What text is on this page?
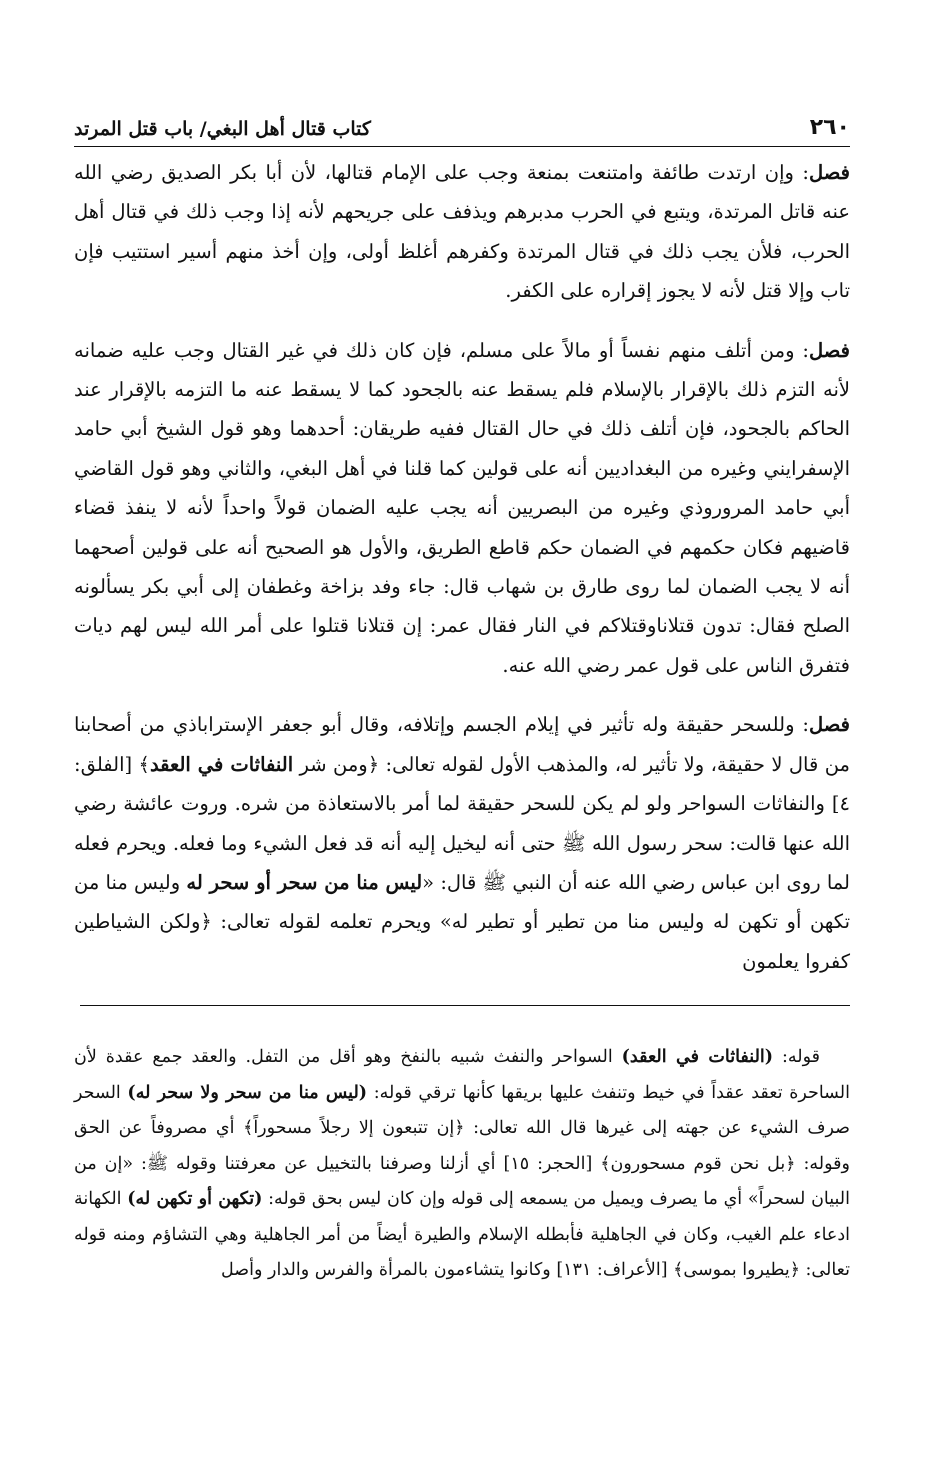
٢٦٠
كتاب قتال أهل البغي/ باب قتل المرتد

فصل: وإن ارتدت طائفة وامتنعت بمنعة وجب على الإمام قتالها، لأن أبا بكر الصديق رضي الله عنه قاتل المرتدة، ويتبع في الحرب مدبرهم ويذفف على جريحهم لأنه إذا وجب ذلك في قتال أهل الحرب، فلأن يجب ذلك في قتال المرتدة وكفرهم أغلظ أولى، وإن أخذ منهم أسير استتيب فإن تاب وإلا قتل لأنه لا يجوز إقراره على الكفر.

فصل: ومن أتلف منهم نفساً أو مالاً على مسلم، فإن كان ذلك في غير القتال وجب عليه ضمانه لأنه التزم ذلك بالإقرار بالإسلام فلم يسقط عنه بالجحود كما لا يسقط عنه ما التزمه بالإقرار عند الحاكم بالجحود، فإن أتلف ذلك في حال القتال ففيه طريقان: أحدهما وهو قول الشيخ أبي حامد الإسفرايني وغيره من البغداديين أنه على قولين كما قلنا في أهل البغي، والثاني وهو قول القاضي أبي حامد المروروذي وغيره من البصريين أنه يجب عليه الضمان قولاً واحداً لأنه لا ينفذ قضاء قاضيهم فكان حكمهم في الضمان حكم قاطع الطريق، والأول هو الصحيح أنه على قولين أصحهما أنه لا يجب الضمان لما روى طارق بن شهاب قال: جاء وفد بزاخة وغطفان إلى أبي بكر يسألونه الصلح فقال: تدون قتلاناوقتلاكم في النار فقال عمر: إن قتلانا قتلوا على أمر الله ليس لهم ديات فتفرق الناس على قول عمر رضي الله عنه.

فصل: وللسحر حقيقة وله تأثير في إيلام الجسم وإتلافه، وقال أبو جعفر الإستراباذي من أصحابنا من قال لا حقيقة، ولا تأثير له، والمذهب الأول لقوله تعالى: ﴿ومن شر النفاثات في العقد﴾ [الفلق: ٤] والنفاثات السواحر ولو لم يكن للسحر حقيقة لما أمر بالاستعاذة من شره. وروت عائشة رضي الله عنها قالت: سحر رسول الله ﷺ حتى أنه ليخيل إليه أنه قد فعل الشيء وما فعله. ويحرم فعله لما روى ابن عباس رضي الله عنه أن النبي ﷺ قال: «ليس منا من سحر أو سحر له وليس منا من تكهن أو تكهن له وليس منا من تطير أو تطير له» ويحرم تعلمه لقوله تعالى: ﴿ولكن الشياطين كفروا يعلمون

قوله: (النفاثات في العقد) السواحر والنفث شبيه بالنفخ وهو أقل من التفل. والعقد جمع عقدة لأن الساحرة تعقد عقداً في خيط وتنفث عليها بريقها كأنها ترقي قوله: (ليس منا من سحر ولا سحر له) السحر صرف الشيء عن جهته إلى غيرها قال الله تعالى: ﴿إن تتبعون إلا رجلاً مسحوراً﴾ أي مصروفاً عن الحق وقوله: ﴿بل نحن قوم مسحورون﴾ [الحجر: ١٥] أي أزلنا وصرفنا بالتخييل عن معرفتنا وقوله ﷺ: «إن من البيان لسحراً» أي ما يصرف ويميل من يسمعه إلى قوله وإن كان ليس بحق قوله: (تكهن أو تكهن له) الكهانة ادعاء علم الغيب، وكان في الجاهلية فأبطله الإسلام والطيرة أيضاً من أمر الجاهلية وهي التشاؤم ومنه قوله تعالى: ﴿يطيروا بموسى﴾ [الأعراف: ١٣١] وكانوا يتشاءمون بالمرأة والفرس والدار وأصل
